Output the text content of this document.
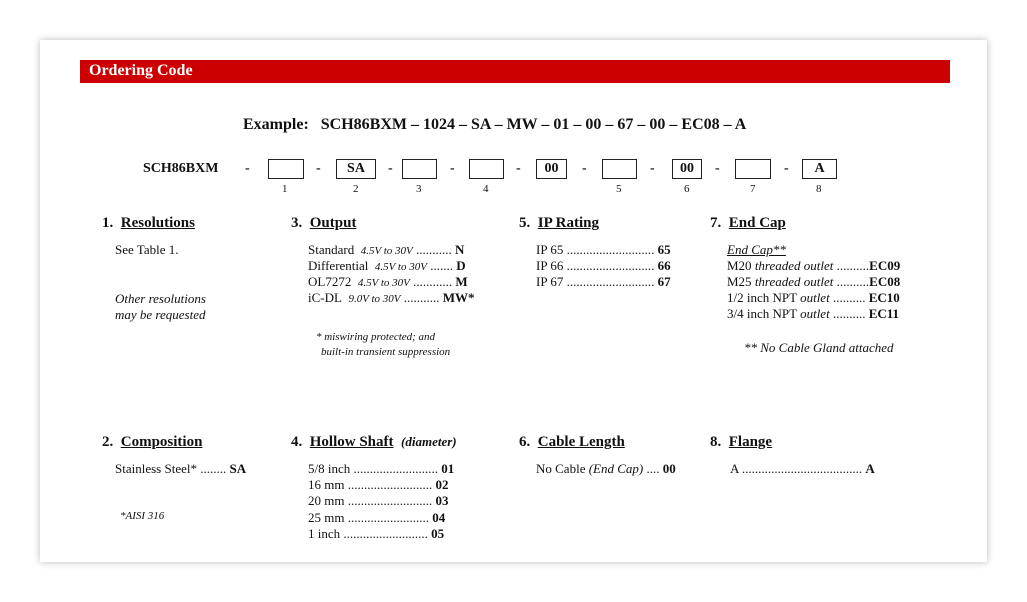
Ordering Code
Example: SCH86BXM – 1024 – SA – MW – 01 – 00 – 67 – 00 – EC08 – A
SCH86BXM -
1
-	SA
2
-
3
-
4
-	00	-
5
-	00
6
-
7
-	A
8
1. Resolutions
See Table 1.
Other resolutions
may be requested
3. Output
Standard 4.5V to 30V ........... N
Differential 4.5V to 30V ....... D
OL7272 4.5V to 30V ............ M
iC-DL 9.0V to 30V ........... MW*
* miswiring protected; and
built-in transient suppression
5. IP Rating
IP 65 ........................... 65
IP 66 ........................... 66
IP 67 ........................... 67
7. End Cap
End Cap**
M20 threaded outlet ..........EC09
M25 threaded outlet ..........EC08
1/2 inch NPT outlet .......... EC10
3/4 inch NPT outlet .......... EC11
** No Cable Gland attached
2. Composition
Stainless Steel* ........ SA
*AISI 316
4. Hollow Shaft (diameter)
5/8 inch .......................... 01
16 mm .......................... 02
20 mm .......................... 03
25 mm ......................... 04
1 inch .......................... 05
6. Cable Length
No Cable (End Cap) .... 00
8. Flange
A ..................................... A
